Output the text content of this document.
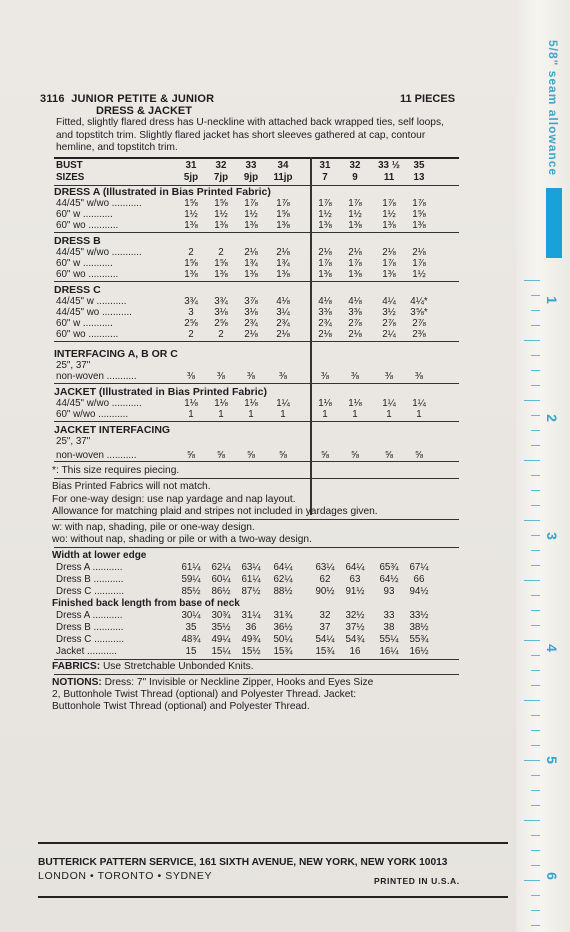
3116 JUNIOR PETITE & JUNIOR
DRESS & JACKET
11 PIECES
Fitted, slightly flared dress has U-neckline with attached back wrapped ties, self loops, and topstitch trim. Slightly flared jacket has short sleeves gathered at cap, contour hemline, and topstitch trim.
BUST	31	32	33	34	31	32	33 ½	35
SIZES	5jp	7jp	9jp	11jp	7	9	11	13
DRESS A (Illustrated in Bias Printed Fabric)
44/45" w/wo ...........	1⅝	1⅝	1⅞	1⅞	1⅞	1⅞	1⅞	1⅞
60" w ...........	1½	1½	1½	1⅝	1½	1½	1½	1⅝
60" wo ...........	1⅜	1⅜	1⅜	1⅜	1⅜	1⅜	1⅜	1⅜
DRESS B
44/45" w/wo ...........	2	2	2⅛	2⅛	2⅛	2⅛	2⅛	2⅛
60" w ...........	1⅝	1⅝	1¾	1¾	1⅞	1⅞	1⅞	1⅞
60" wo ...........	1⅜	1⅜	1⅜	1⅜	1⅜	1⅜	1⅜	1½
DRESS C
44/45" w ...........	3¾	3¾	3⅞	4⅛	4⅛	4⅛	4¼	4¼*
44/45" wo ...........	3	3⅛	3⅛	3¼	3⅜	3⅜	3½	3⅝*
60" w ...........	2⅝	2⅝	2¾	2¾	2¾	2⅞	2⅞	2⅞
60" wo ...........	2	2	2⅛	2⅛	2⅛	2⅛	2¼	2⅜
INTERFACING A, B OR C
25", 37"
non-woven ...........	⅜	⅜	⅜	⅜	⅜	⅜	⅜	⅜
JACKET (Illustrated in Bias Printed Fabric)
44/45" w/wo ...........	1⅛	1⅛	1⅛	1¼	1⅛	1⅛	1¼	1¼
60" w/wo ...........	1	1	1	1	1	1	1	1
JACKET INTERFACING
25", 37"
non-woven ...........	⅝	⅝	⅝	⅝	⅝	⅝	⅝	⅝
*: This size requires piecing.
Bias Printed Fabrics will not match.
For one-way design: use nap yardage and nap layout.
Allowance for matching plaid and stripes not included in yardages given.
w: with nap, shading, pile or one-way design.
wo: without nap, shading or pile or with a two-way design.
Width at lower edge
Dress A ...........	61¼	62¼	63¼	64¼	63¼	64¼	65¾	67¼
Dress B ...........	59¼	60¼	61¼	62¼	62	63	64½	66
Dress C ...........	85½	86½	87½	88½	90½	91½	93	94½
Finished back length from base of neck
Dress A ...........	30¼	30¾	31¼	31¾	32	32½	33	33½
Dress B ...........	35	35½	36	36½	37	37½	38	38½
Dress C ...........	48¾	49¼	49¾	50¼	54¼	54¾	55¼	55¾
Jacket ...........	15	15¼	15½	15¾	15¾	16	16¼	16½
FABRICS: Use Stretchable Unbonded Knits.
NOTIONS: Dress: 7" Invisible or Neckline Zipper, Hooks and Eyes Size
2, Buttonhole Twist Thread (optional) and Polyester Thread. Jacket:
Buttonhole Twist Thread (optional) and Polyester Thread.
BUTTERICK PATTERN SERVICE, 161 SIXTH AVENUE, NEW YORK, NEW YORK 10013
LONDON • TORONTO • SYDNEY	PRINTED IN U.S.A.
5/8" seam allowance
1
2
3
4
5
6
